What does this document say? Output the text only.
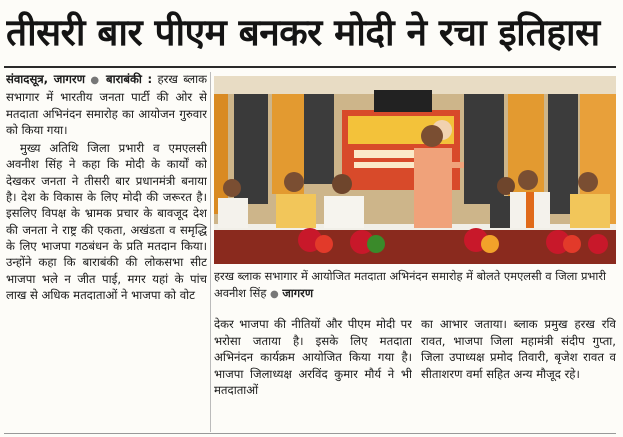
तीसरी बार पीएम बनकर मोदी ने रचा इतिहास

संवादसूत्र, जागरण ● बाराबंकी : हरख ब्लाक सभागार में भारतीय जनता पार्टी की ओर से मतदाता अभिनंदन समारोह का आयोजन गुरुवार को किया गया।

मुख्य अतिथि जिला प्रभारी व एमएलसी अवनीश सिंह ने कहा कि मोदी के कार्यों को देखकर जनता ने तीसरी बार प्रधानमंत्री बनाया है। देश के विकास के लिए मोदी की जरूरत है। इसलिए विपक्ष के भ्रामक प्रचार के बावजूद देश की जनता ने राष्ट्र की एकता, अखंडता व समृद्धि के लिए भाजपा गठबंधन के प्रति मतदान किया। उन्होंने कहा कि बाराबंकी की लोकसभा सीट भाजपा भले न जीत पाई, मगर यहां के पांच लाख से अधिक मतदाताओं ने भाजपा को वोट

हरख ब्लाक सभागार में आयोजित मतदाता अभिनंदन समारोह में बोलते एमएलसी व जिला प्रभारी अवनीश सिंह ● जागरण
देकर भाजपा की नीतियों और पीएम मोदी पर भरोसा जताया है। इसके लिए मतदाता अभिनंदन कार्यक्रम आयोजित किया गया है। भाजपा जिलाध्यक्ष अरविंद कुमार मौर्य ने भी मतदाताओं
का आभार जताया। ब्लाक प्रमुख हरख रवि रावत, भाजपा जिला महामंत्री संदीप गुप्ता, जिला उपाध्यक्ष प्रमोद तिवारी, बृजेश रावत व सीताशरण वर्मा सहित अन्य मौजूद रहे।
